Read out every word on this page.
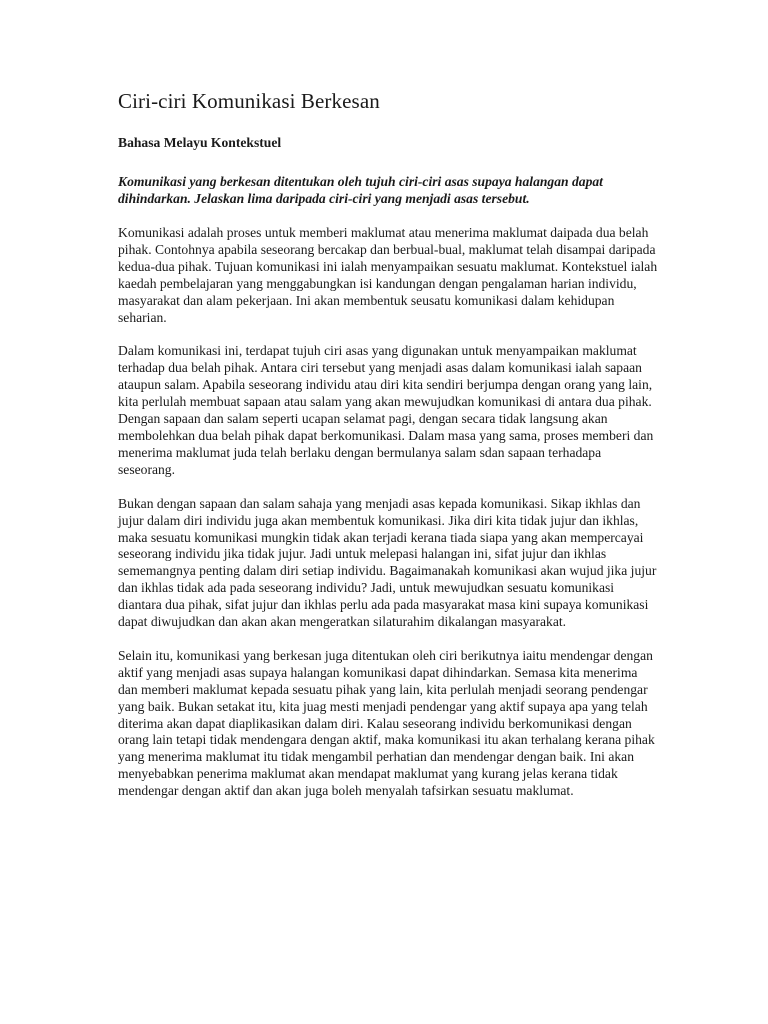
Ciri-ciri Komunikasi Berkesan

Bahasa Melayu Kontekstuel

Komunikasi yang berkesan ditentukan oleh tujuh ciri-ciri asas supaya halangan dapat dihindarkan. Jelaskan lima daripada ciri-ciri yang menjadi asas tersebut.

Komunikasi adalah proses untuk memberi maklumat atau menerima maklumat daipada dua belah pihak. Contohnya apabila seseorang bercakap dan berbual-bual, maklumat telah disampai daripada kedua-dua pihak. Tujuan komunikasi ini ialah menyampaikan sesuatu maklumat. Kontekstuel ialah kaedah pembelajaran yang menggabungkan isi kandungan dengan pengalaman harian individu, masyarakat dan alam pekerjaan. Ini akan membentuk seusatu komunikasi dalam kehidupan seharian.

Dalam komunikasi ini, terdapat tujuh ciri asas yang digunakan untuk menyampaikan maklumat terhadap dua belah pihak. Antara ciri tersebut yang menjadi asas dalam komunikasi ialah sapaan ataupun salam. Apabila seseorang individu atau diri kita sendiri berjumpa dengan orang yang lain, kita perlulah membuat sapaan atau salam yang akan mewujudkan komunikasi di antara dua pihak. Dengan sapaan dan salam seperti ucapan selamat pagi, dengan secara tidak langsung akan membolehkan dua belah pihak dapat berkomunikasi. Dalam masa yang sama, proses memberi dan menerima maklumat juda telah berlaku dengan bermulanya salam sdan sapaan terhadapa seseorang.

Bukan dengan sapaan dan salam sahaja yang menjadi asas kepada komunikasi. Sikap ikhlas dan jujur dalam diri individu juga akan membentuk komunikasi. Jika diri kita tidak jujur dan ikhlas, maka sesuatu komunikasi mungkin tidak akan terjadi kerana tiada siapa yang akan mempercayai seseorang individu jika tidak jujur. Jadi untuk melepasi halangan ini, sifat jujur dan ikhlas sememangnya penting dalam diri setiap individu. Bagaimanakah komunikasi akan wujud jika jujur dan ikhlas tidak ada pada seseorang individu? Jadi, untuk mewujudkan sesuatu komunikasi diantara dua pihak, sifat jujur dan ikhlas perlu ada pada masyarakat masa kini supaya komunikasi dapat diwujudkan dan akan akan mengeratkan silaturahim dikalangan masyarakat.

Selain itu, komunikasi yang berkesan juga ditentukan oleh ciri berikutnya iaitu mendengar dengan aktif yang menjadi asas supaya halangan komunikasi dapat dihindarkan. Semasa kita menerima dan memberi maklumat kepada sesuatu pihak yang lain, kita perlulah menjadi seorang pendengar yang baik. Bukan setakat itu, kita juag mesti menjadi pendengar yang aktif supaya apa yang telah diterima akan dapat diaplikasikan dalam diri. Kalau seseorang individu berkomunikasi dengan orang lain tetapi tidak mendengara dengan aktif, maka komunikasi itu akan terhalang kerana pihak yang menerima maklumat itu tidak mengambil perhatian dan mendengar dengan baik. Ini akan menyebabkan penerima maklumat akan mendapat maklumat yang kurang jelas kerana tidak mendengar dengan aktif dan akan juga boleh menyalah tafsirkan sesuatu maklumat.
